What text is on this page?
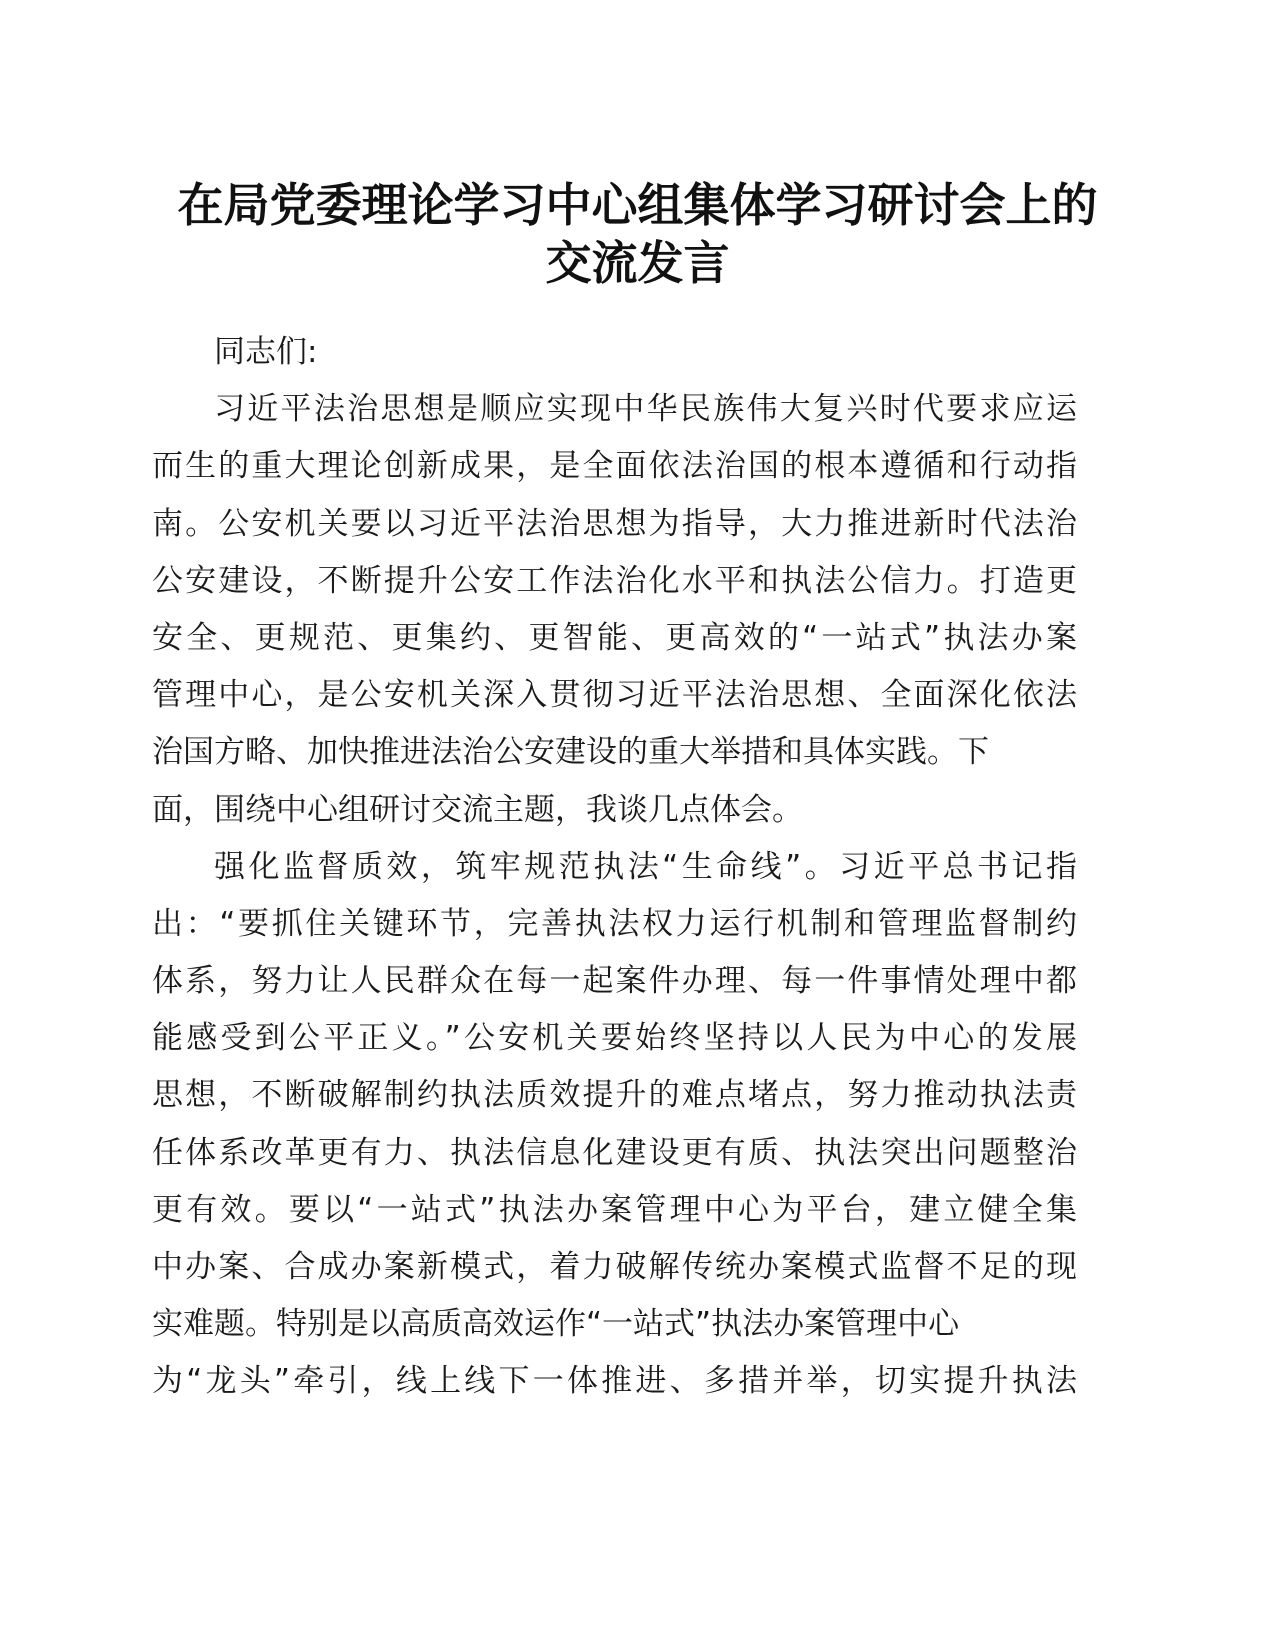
在局党委理论学习中心组集体学习研讨会上的
交流发言
同志们:
习近平法治思想是顺应实现中华民族伟大复兴时代要求应运
而生的重大理论创新成果，是全面依法治国的根本遵循和行动指
南。公安机关要以习近平法治思想为指导，大力推进新时代法治
公安建设，不断提升公安工作法治化水平和执法公信力。打造更
安全、更规范、更集约、更智能、更高效的“一站式”执法办案
管理中心，是公安机关深入贯彻习近平法治思想、全面深化依法
治国方略、加快推进法治公安建设的重大举措和具体实践。下
面，围绕中心组研讨交流主题，我谈几点体会。
强化监督质效，筑牢规范执法“生命线”。习近平总书记指
出：“要抓住关键环节，完善执法权力运行机制和管理监督制约
体系，努力让人民群众在每一起案件办理、每一件事情处理中都
能感受到公平正义。”公安机关要始终坚持以人民为中心的发展
思想，不断破解制约执法质效提升的难点堵点，努力推动执法责
任体系改革更有力、执法信息化建设更有质、执法突出问题整治
更有效。要以“一站式”执法办案管理中心为平台，建立健全集
中办案、合成办案新模式，着力破解传统办案模式监督不足的现
实难题。特别是以高质高效运作“一站式”执法办案管理中心
为“龙头”牵引，线上线下一体推进、多措并举，切实提升执法
